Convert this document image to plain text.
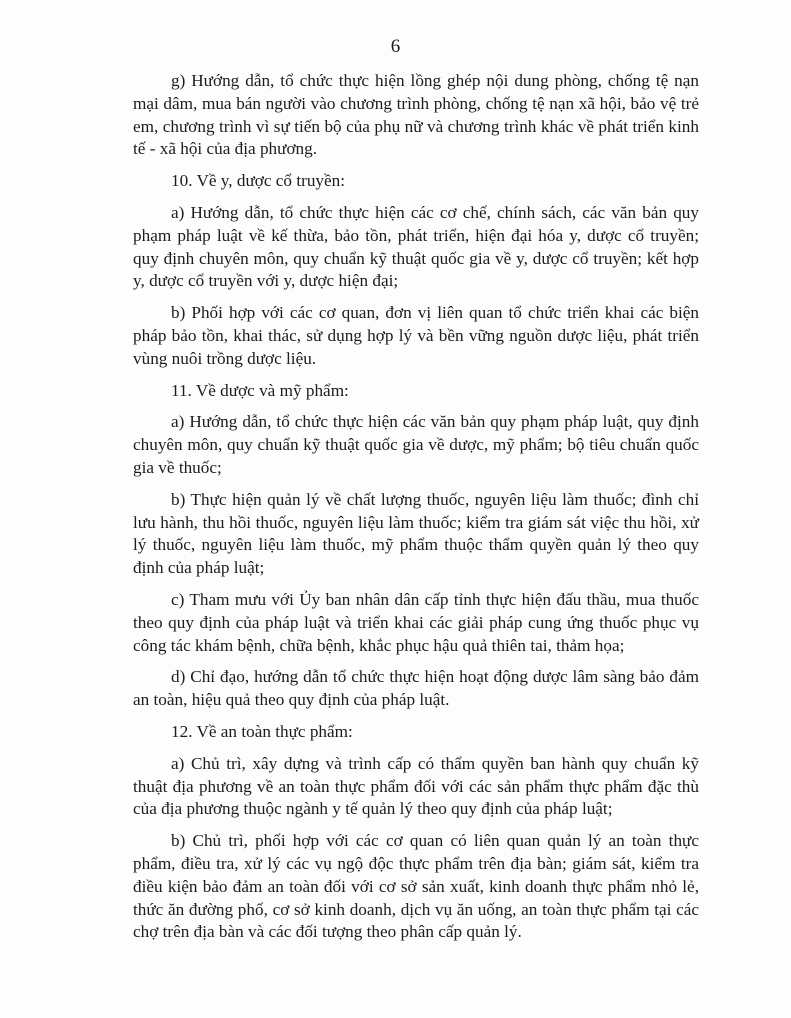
6

g) Hướng dẫn, tổ chức thực hiện lồng ghép nội dung phòng, chống tệ nạn mại dâm, mua bán người vào chương trình phòng, chống tệ nạn xã hội, bảo vệ trẻ em, chương trình vì sự tiến bộ của phụ nữ và chương trình khác về phát triển kinh tế - xã hội của địa phương.

10. Về y, dược cổ truyền:

a) Hướng dẫn, tổ chức thực hiện các cơ chế, chính sách, các văn bản quy phạm pháp luật về kế thừa, bảo tồn, phát triển, hiện đại hóa y, dược cổ truyền; quy định chuyên môn, quy chuẩn kỹ thuật quốc gia về y, dược cổ truyền; kết hợp y, dược cổ truyền với y, dược hiện đại;

b) Phối hợp với các cơ quan, đơn vị liên quan tổ chức triển khai các biện pháp bảo tồn, khai thác, sử dụng hợp lý và bền vững nguồn dược liệu, phát triển vùng nuôi trồng dược liệu.

11. Về dược và mỹ phẩm:

a) Hướng dẫn, tổ chức thực hiện các văn bản quy phạm pháp luật, quy định chuyên môn, quy chuẩn kỹ thuật quốc gia về dược, mỹ phẩm; bộ tiêu chuẩn quốc gia về thuốc;

b) Thực hiện quản lý về chất lượng thuốc, nguyên liệu làm thuốc; đình chỉ lưu hành, thu hồi thuốc, nguyên liệu làm thuốc; kiểm tra giám sát việc thu hồi, xử lý thuốc, nguyên liệu làm thuốc, mỹ phẩm thuộc thẩm quyền quản lý theo quy định của pháp luật;

c) Tham mưu với Ủy ban nhân dân cấp tỉnh thực hiện đấu thầu, mua thuốc theo quy định của pháp luật và triển khai các giải pháp cung ứng thuốc phục vụ công tác khám bệnh, chữa bệnh, khắc phục hậu quả thiên tai, thảm họa;

d) Chỉ đạo, hướng dẫn tổ chức thực hiện hoạt động dược lâm sàng bảo đảm an toàn, hiệu quả theo quy định của pháp luật.

12. Về an toàn thực phẩm:

a) Chủ trì, xây dựng và trình cấp có thẩm quyền ban hành quy chuẩn kỹ thuật địa phương về an toàn thực phẩm đối với các sản phẩm thực phẩm đặc thù của địa phương thuộc ngành y tế quản lý theo quy định của pháp luật;

b) Chủ trì, phối hợp với các cơ quan có liên quan quản lý an toàn thực phẩm, điều tra, xử lý các vụ ngộ độc thực phẩm trên địa bàn; giám sát, kiểm tra điều kiện bảo đảm an toàn đối với cơ sở sản xuất, kinh doanh thực phẩm nhỏ lẻ, thức ăn đường phố, cơ sở kinh doanh, dịch vụ ăn uống, an toàn thực phẩm tại các chợ trên địa bàn và các đối tượng theo phân cấp quản lý.
